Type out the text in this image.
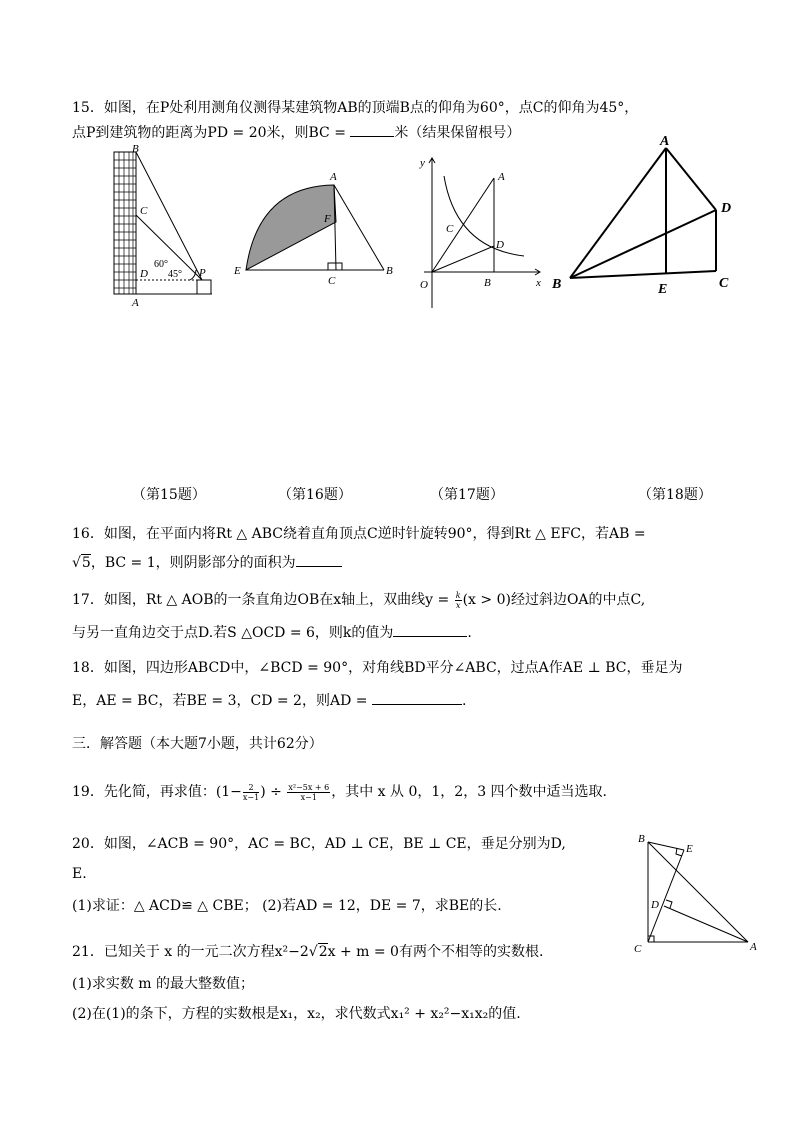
15．如图，在P处利用测角仪测得某建筑物AB的顶端B点的仰角为60°，点C的仰角为45°，
点P到建筑物的距离为PD = 20米，则BC =	米（结果保留根号）
B
C
60°
D 45° P
A
A
F
E
C
B
y
A
C
D
O	B	x
A
D
B	E	C
（第15题）	（第16题）	（第17题）	（第18题）
16．如图，在平面内将Rt △ ABC绕着直角顶点C逆时针旋转90°，得到Rt △ EFC，若AB =
√5，BC = 1，则阴影部分的面积为
17．如图，Rt △ AOB的一条直角边OB在x轴上，双曲线$y = \frac{k}{x} (x > 0)$经过斜边OA的中点C,
与另一直角边交于点D.若S △OCD = 6，则k的值为	.
18．如图，四边形ABCD中，∠BCD = 90°，对角线BD平分∠ABC，过点A作AE ⊥ BC，垂足为
E，AE = BC，若BE = 3，CD = 2，则AD =	.
三．解答题（本大题7小题，共计62分）
19．先化简，再求值：($1- \frac{2}{x-1}$ ) ÷ $\frac{\text{x²−5x + 6}}{x-1}$ ，其中 x 从 0，1，2，3 四个数中适当选取.
20．如图，∠ACB = 90°，AC = BC，AD ⊥ CE，BE ⊥ CE，垂足分别为D,
E.
(1)求证：△ ACD≌ △ CBE； (2)若AD = 12，DE = 7，求BE的长.
B
E
D
C	A
21．已知关于 x 的一元二次方程x²−2√2x + m = 0有两个不相等的实数根.
(1)求实数 m 的最大整数值；
(2)在(1)的条下，方程的实数根是x₁，x₂，求代数式x₁² + x₂²−x₁x₂的值.
